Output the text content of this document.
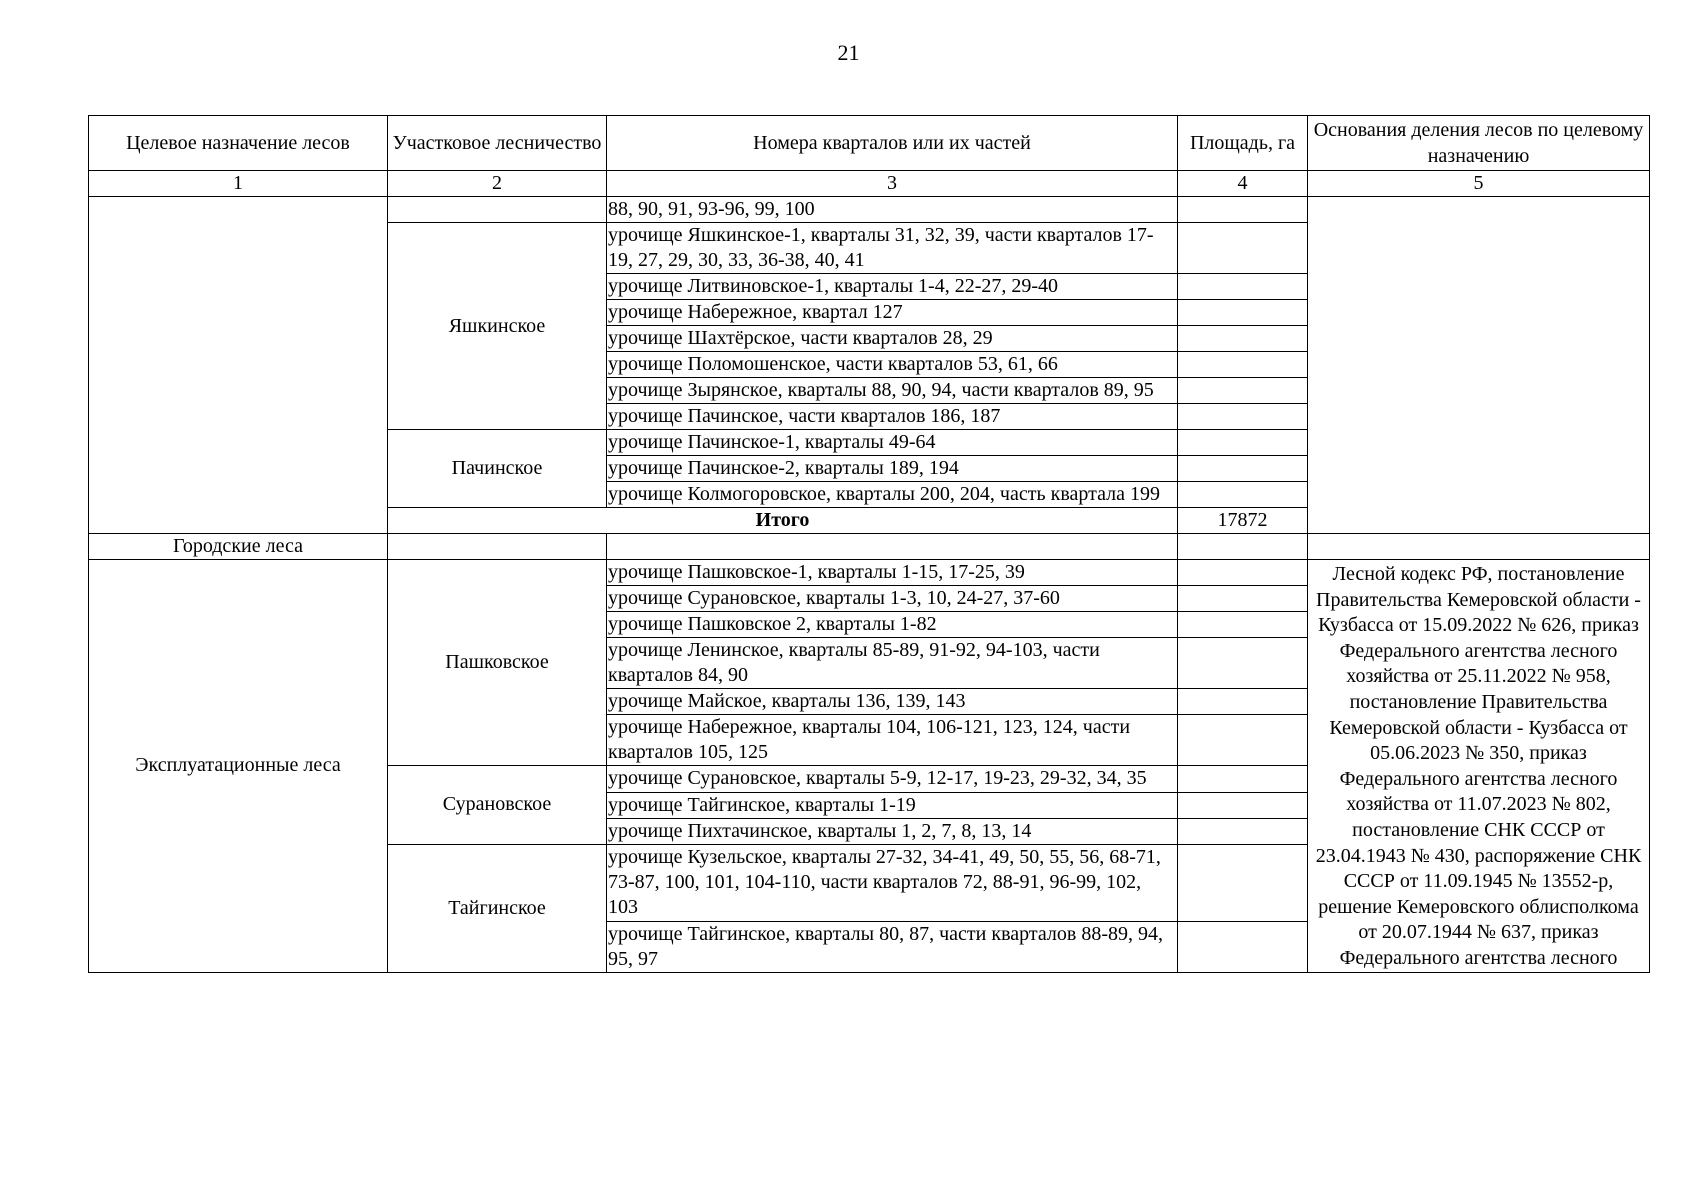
21
Целевое назначение лесов	Участковое лесничество	Номера кварталов или их частей	Площадь, га	Основания деления лесов по целевому назначению
1	2	3	4	5
		88, 90, 91, 93-96, 99, 100		
	Яшкинское	урочище Яшкинское-1, кварталы 31, 32, 39, части кварталов 17-19, 27, 29, 30, 33, 36-38, 40, 41		
		урочище Литвиновское-1, кварталы 1-4, 22-27, 29-40		
		урочище Набережное, квартал 127		
		урочище Шахтёрское, части кварталов 28, 29		
		урочище Поломошенское, части кварталов 53, 61, 66		
		урочище Зырянское, кварталы 88, 90, 94, части кварталов 89, 95		
		урочище Пачинское, части кварталов 186, 187		
	Пачинское	урочище Пачинское-1, кварталы 49-64		
		урочище Пачинское-2, кварталы 189, 194		
		урочище Колмогоровское, кварталы 200, 204, часть квартала 199		
	Итого		17872	
Городские леса				
Эксплуатационные леса	Пашковское	урочище Пашковское-1, кварталы 1-15, 17-25, 39		Лесной кодекс РФ, постановление Правительства Кемеровской области - Кузбасса от 15.09.2022 № 626, приказ Федерального агентства лесного хозяйства от 25.11.2022 № 958, постановление Правительства Кемеровской области - Кузбасса от 05.06.2023 № 350, приказ Федерального агентства лесного хозяйства от 11.07.2023 № 802, постановление СНК СССР от 23.04.1943 № 430, распоряжение СНК СССР от 11.09.1945 № 13552-р, решение Кемеровского облисполкома от 20.07.1944 № 637, приказ Федерального агентства лесного
		урочище Сурановское, кварталы 1-3, 10, 24-27, 37-60		
		урочище Пашковское 2, кварталы 1-82		
		урочище Ленинское, кварталы 85-89, 91-92, 94-103, части кварталов 84, 90		
		урочище Майское, кварталы 136, 139, 143		
		урочище Набережное, кварталы 104, 106-121, 123, 124, части кварталов 105, 125		
	Сурановское	урочище Сурановское, кварталы 5-9, 12-17, 19-23, 29-32, 34, 35		
		урочище Тайгинское, кварталы 1-19		
		урочище Пихтачинское, кварталы 1, 2, 7, 8, 13, 14		
	Тайгинское	урочище Кузельское, кварталы 27-32, 34-41, 49, 50, 55, 56, 68-71, 73-87, 100, 101, 104-110, части кварталов 72, 88-91, 96-99, 102, 103		
		урочище Тайгинское, кварталы 80, 87, части кварталов 88-89, 94, 95, 97		
